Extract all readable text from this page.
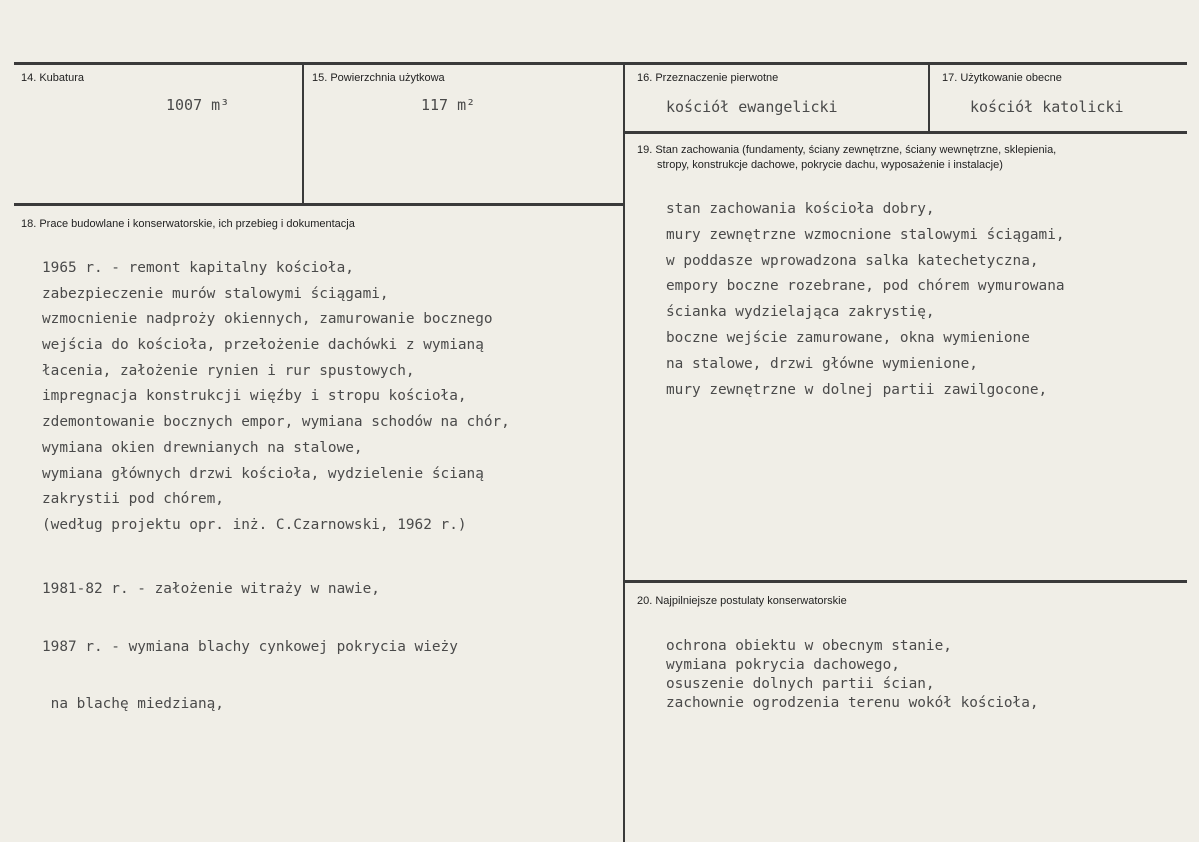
14. Kubatura
1007 m³
15. Powierzchnia użytkowa
117 m²
16. Przeznaczenie pierwotne
kościół ewangelicki
17. Użytkowanie obecne
kościół katolicki
18. Prace budowlane i konserwatorskie, ich przebieg i dokumentacja
1965 r. - remont kapitalny kościoła,
zabezpieczenie murów stalowymi ściągami,
wzmocnienie nadproży okiennych, zamurowanie bocznego
wejścia do kościoła, przełożenie dachówki z wymianą
łacenia, założenie rynien i rur spustowych,
impregnacja konstrukcji więźby i stropu kościoła,
zdemontowanie bocznych empor, wymiana schodów na chór,
wymiana okien drewnianych na stalowe,
wymiana głównych drzwi kościoła, wydzielenie ścianą
zakrystii pod chórem,
(według projektu opr. inż. C.Czarnowski, 1962 r.)

1981-82 r. - założenie witraży w nawie,

1987 r. - wymiana blachy cynkowej pokrycia wieży

na blachę miedzianą,

19. Stan zachowania (fundamenty, ściany zewnętrzne, ściany wewnętrzne, sklepienia,
stropy, konstrukcje dachowe, pokrycie dachu, wyposażenie i instalacje)
stan zachowania kościoła dobry,
mury zewnętrzne wzmocnione stalowymi ściągami,
w poddasze wprowadzona salka katechetyczna,
empory boczne rozebrane, pod chórem wymurowana
ścianka wydzielająca zakrystię,
boczne wejście zamurowane, okna wymienione
na stalowe, drzwi główne wymienione,
mury zewnętrzne w dolnej partii zawilgocone,
20. Najpilniejsze postulaty konserwatorskie
ochrona obiektu w obecnym stanie,
wymiana pokrycia dachowego,
osuszenie dolnych partii ścian,
zachownie ogrodzenia terenu wokół kościoła,
